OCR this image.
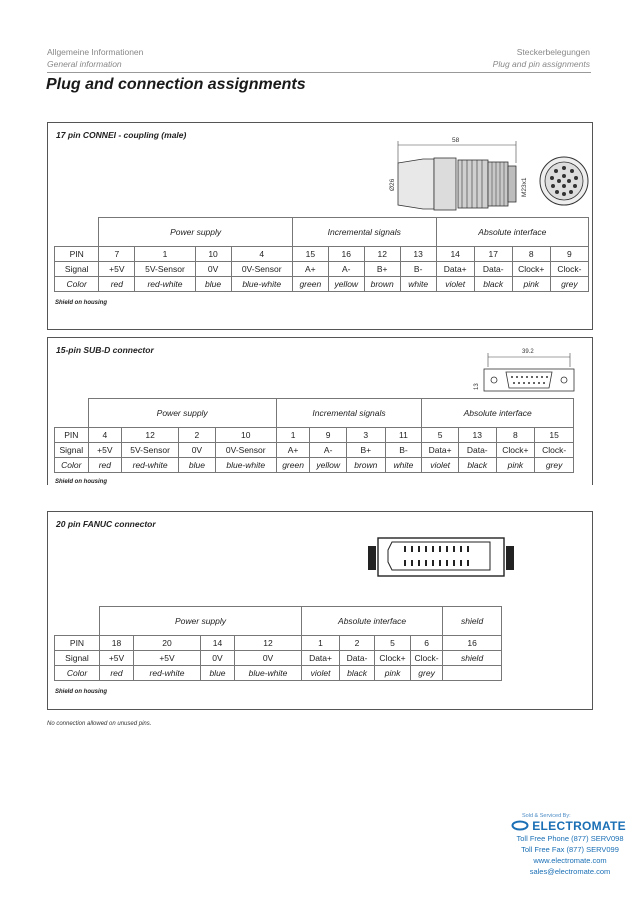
Allgemeine Informationen
General information
Steckerbelegungen
Plug and pin assignments
Plug and connection assignments
17 pin CONNEI - coupling (male)
58
Ø26	M23x1
	Power supply				Incremental signals				Absolute interface			
PIN	7	1	10	4	15	16	12	13	14	17	8	9
Signal	+5V	5V-Sensor	0V	0V-Sensor	A+	A-	B+	B-	Data+	Data-	Clock+	Clock-
Color	red	red-white	blue	blue-white	green	yellow	brown	white	violet	black	pink	grey
Shield on housing
15-pin SUB-D connector	39.2
13
	Power supply				Incremental signals				Absolute interface			
PIN	4	12	2	10	1	9	3	11	5	13	8	15
Signal	+5V	5V-Sensor	0V	0V-Sensor	A+	A-	B+	B-	Data+	Data-	Clock+	Clock-
Color	red	red-white	blue	blue-white	green	yellow	brown	white	violet	black	pink	grey
Shield on housing
20 pin FANUC connector
	Power supply				Absolute interface				shield
PIN	18	20	14	12	1	2	5	6	16
Signal	+5V	+5V	0V	0V	Data+	Data-	Clock+	Clock-	shield
Color	red	red-white	blue	blue-white	violet	black	pink	grey	
Shield on housing
No connection allowed on unused pins.
Sold & Serviced By:
ELECTROMATE
Toll Free Phone (877) SERV098
Toll Free Fax (877) SERV099
www.electromate.com
sales@electromate.com
